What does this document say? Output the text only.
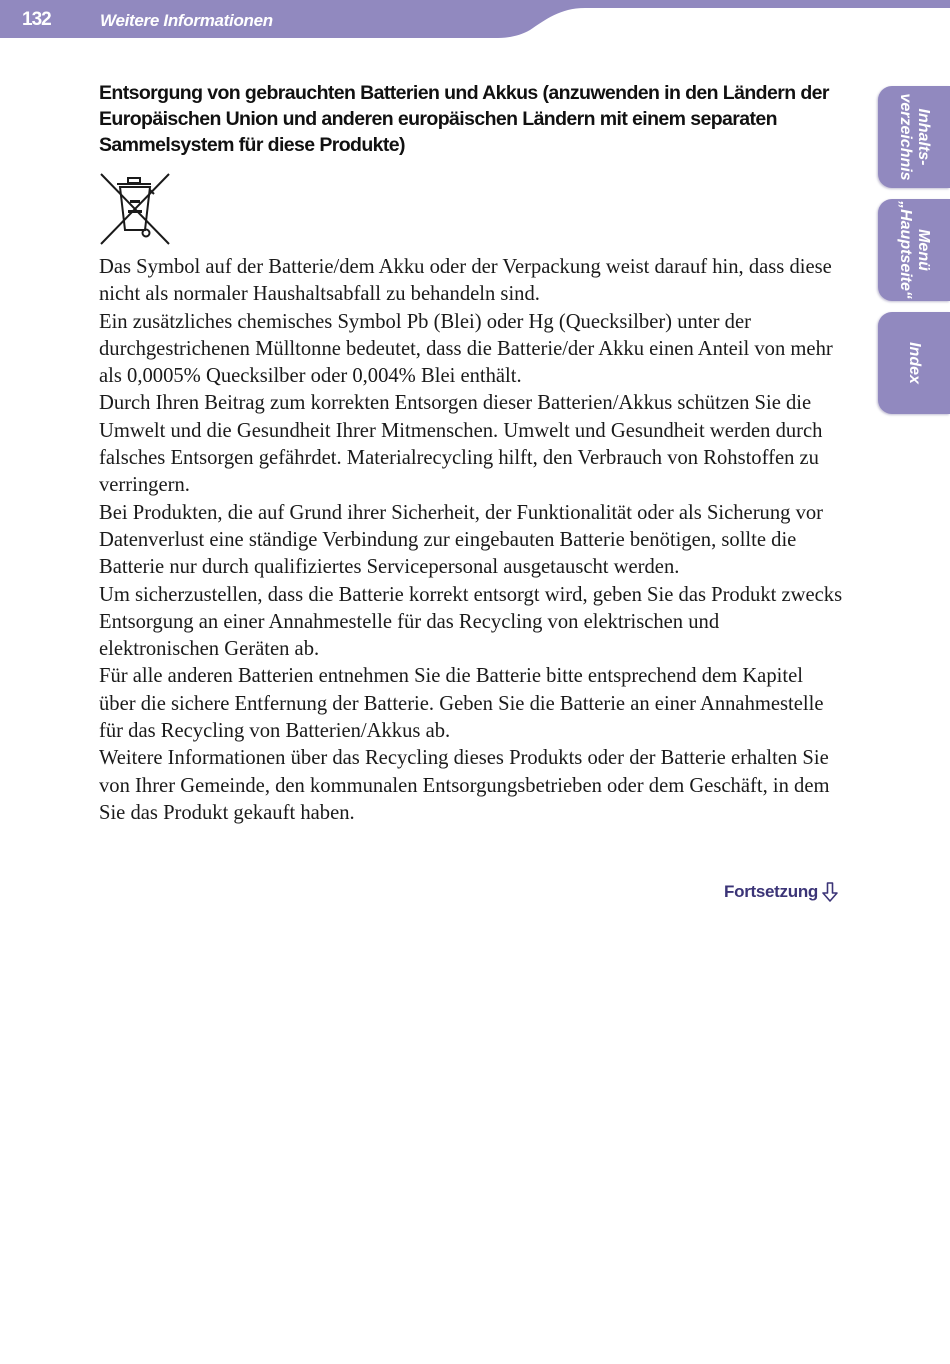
132	Weitere Informationen
Inhalts-
verzeichnis
Menü
„Hauptseite“
Index
Entsorgung von gebrauchten Batterien und Akkus (anzuwenden in den Ländern der Europäischen Union und anderen europäischen Ländern mit einem separaten Sammelsystem für diese Produkte)

Das Symbol auf der Batterie/dem Akku oder der Verpackung weist darauf hin, dass diese nicht als normaler Haushaltsabfall zu behandeln sind.

Ein zusätzliches chemisches Symbol Pb (Blei) oder Hg (Quecksilber) unter der durchgestrichenen Mülltonne bedeutet, dass die Batterie/der Akku einen Anteil von mehr als 0,0005% Quecksilber oder 0,004% Blei enthält.

Durch Ihren Beitrag zum korrekten Entsorgen dieser Batterien/Akkus schützen Sie die Umwelt und die Gesundheit Ihrer Mitmenschen. Umwelt und Gesundheit werden durch falsches Entsorgen gefährdet. Materialrecycling hilft, den Verbrauch von Rohstoffen zu verringern.

Bei Produkten, die auf Grund ihrer Sicherheit, der Funktionalität oder als Sicherung vor Datenverlust eine ständige Verbindung zur eingebauten Batterie benötigen, sollte die Batterie nur durch qualifiziertes Servicepersonal ausgetauscht werden.

Um sicherzustellen, dass die Batterie korrekt entsorgt wird, geben Sie das Produkt zwecks Entsorgung an einer Annahmestelle für das Recycling von elektrischen und elektronischen Geräten ab.

Für alle anderen Batterien entnehmen Sie die Batterie bitte entsprechend dem Kapitel über die sichere Entfernung der Batterie. Geben Sie die Batterie an einer Annahmestelle für das Recycling von Batterien/Akkus ab.

Weitere Informationen über das Recycling dieses Produkts oder der Batterie erhalten Sie von Ihrer Gemeinde, den kommunalen Entsorgungsbetrieben oder dem Geschäft, in dem Sie das Produkt gekauft haben.

Fortsetzung
